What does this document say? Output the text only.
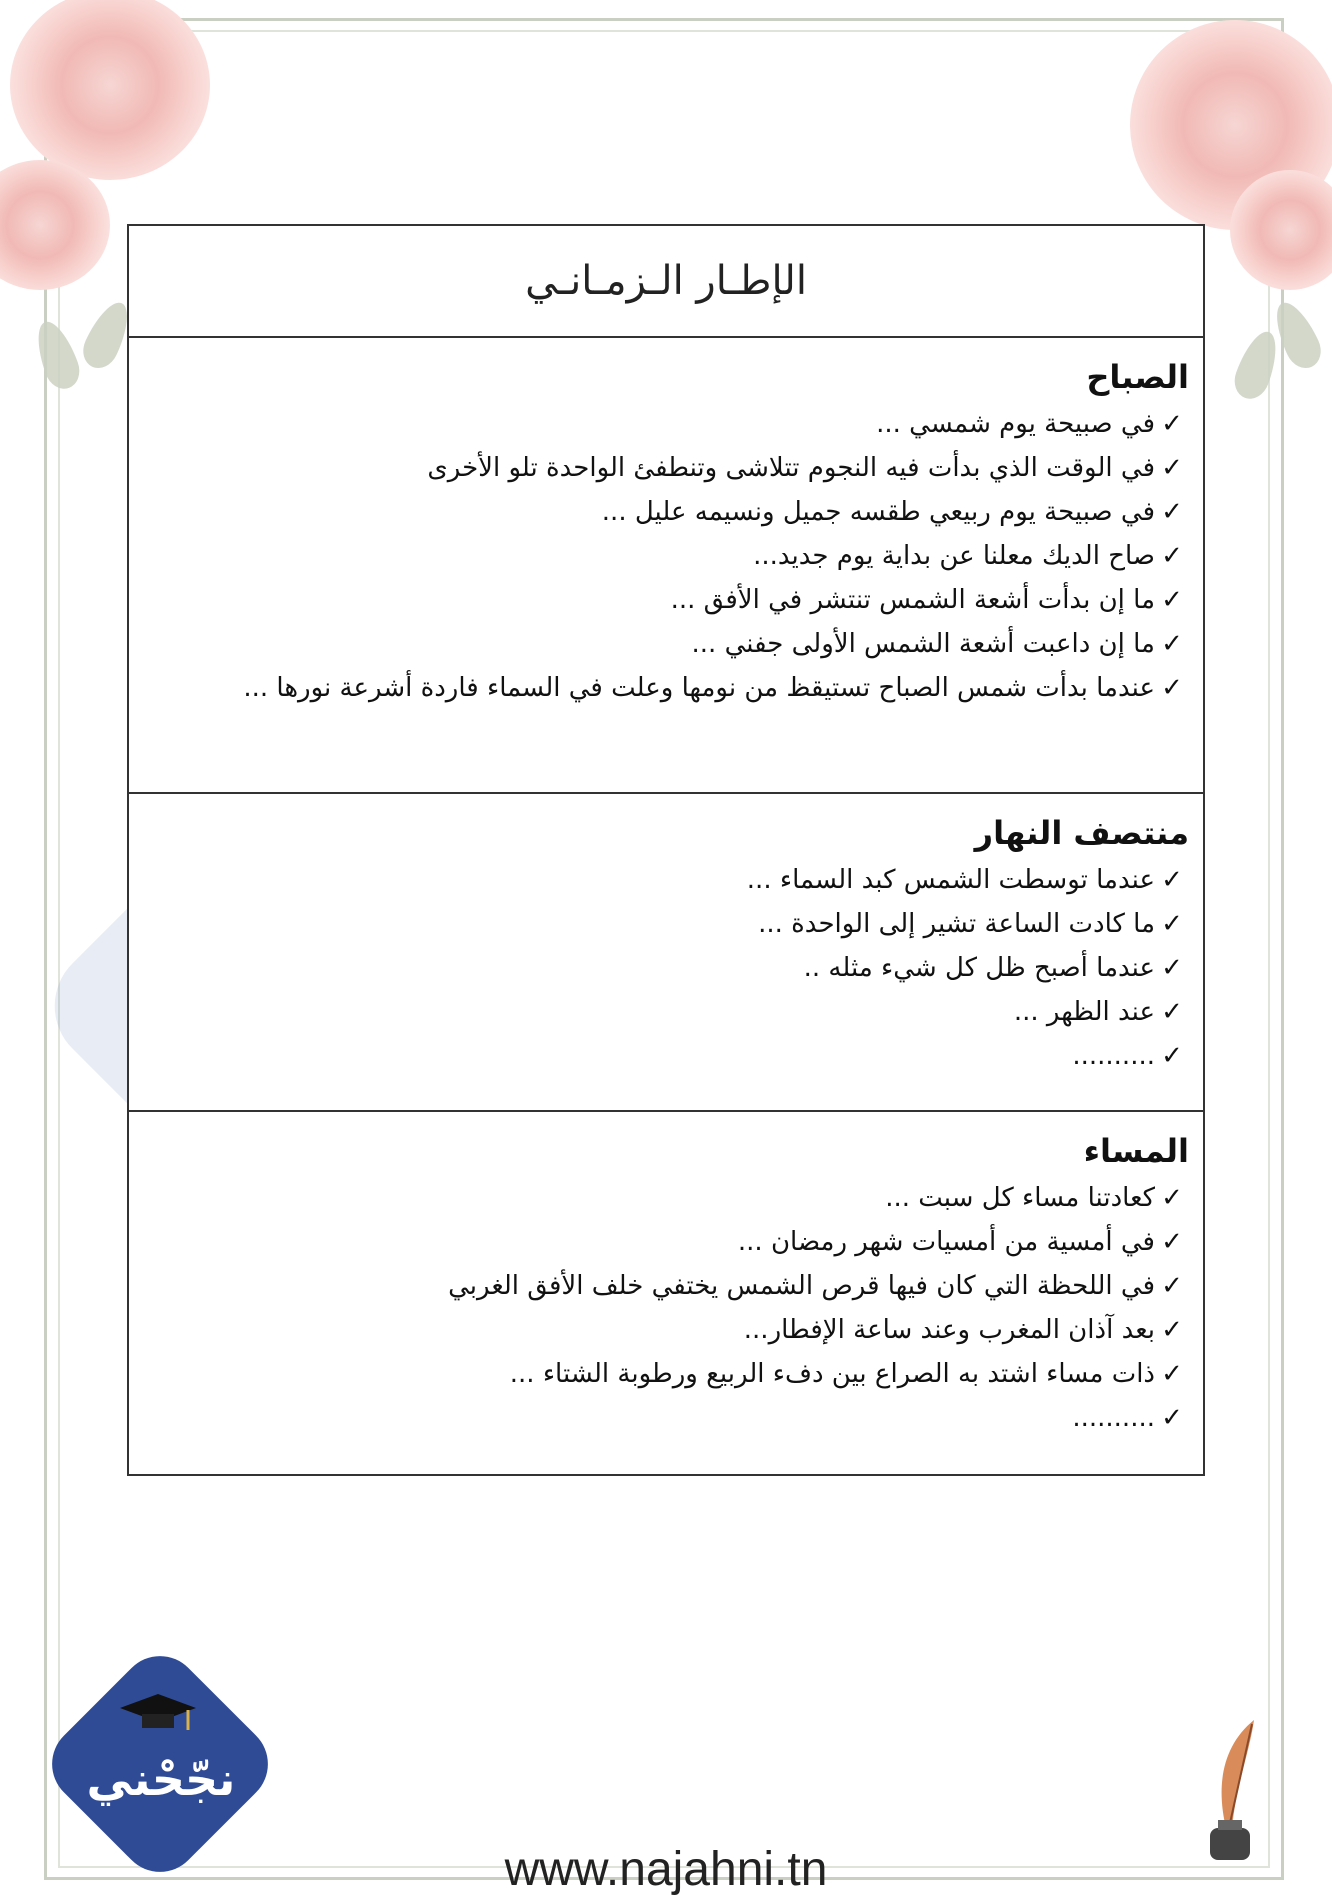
الإطـار الـزمـانـي
الصباح
✓
في صبيحة يوم شمسي ...
✓
في الوقت الذي بدأت فيه النجوم تتلاشى وتنطفئ الواحدة تلو الأخرى
✓
في صبيحة يوم ربيعي طقسه جميل ونسيمه عليل ...
✓
صاح الديك معلنا عن بداية يوم جديد...
✓
ما إن بدأت أشعة الشمس تنتشر في الأفق ...
✓
ما إن داعبت أشعة الشمس الأولى جفني ...
✓
عندما بدأت شمس الصباح تستيقظ من نومها وعلت في السماء فاردة أشرعة نورها ...
منتصف النهار
✓
عندما توسطت الشمس كبد السماء ...
✓
ما كادت الساعة تشير إلى الواحدة ...
✓
عندما أصبح ظل كل شيء مثله ..
✓
عند الظهر ...
✓
..........
المساء
✓
كعادتنا مساء كل سبت ...
✓
في أمسية من أمسيات شهر رمضان ...
✓
في اللحظة التي كان فيها قرص الشمس يختفي خلف الأفق الغربي
✓
بعد آذان المغرب وعند ساعة الإفطار...
✓
ذات مساء اشتد به الصراع بين دفء الربيع ورطوبة الشتاء ...
✓
..........
نجّحْني
www.najahni.tn
